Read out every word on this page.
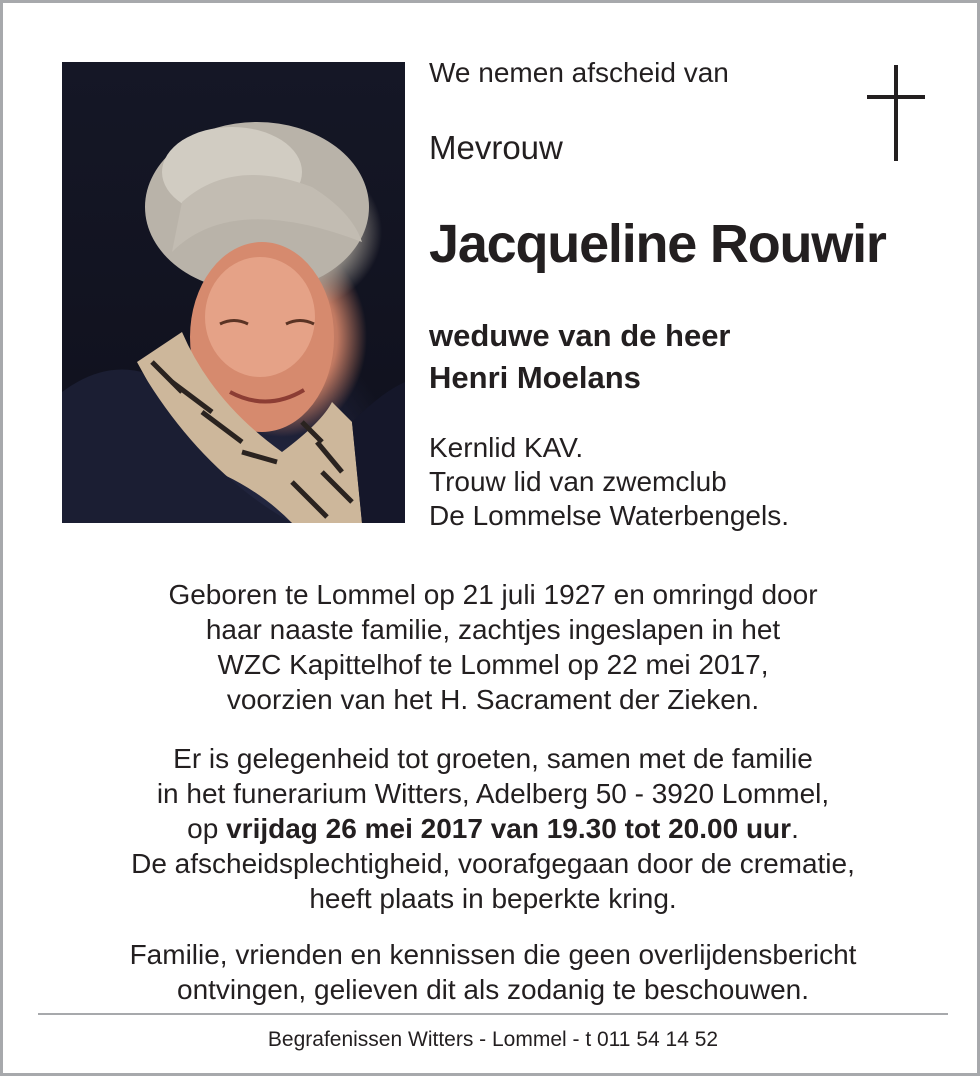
We nemen afscheid van
Mevrouw
Jacqueline Rouwir
weduwe van de heer
Henri Moelans
Kernlid KAV.
Trouw lid van zwemclub
De Lommelse Waterbengels.
Geboren te Lommel op 21 juli 1927 en omringd door
haar naaste familie, zachtjes ingeslapen in het
WZC Kapittelhof te Lommel op 22 mei 2017,
voorzien van het H. Sacrament der Zieken.
Er is gelegenheid tot groeten, samen met de familie
in het funerarium Witters, Adelberg 50 - 3920 Lommel,
op vrijdag 26 mei 2017 van 19.30 tot 20.00 uur.
De afscheidsplechtigheid, voorafgegaan door de crematie,
heeft plaats in beperkte kring.
Familie, vrienden en kennissen die geen overlijdensbericht
ontvingen, gelieven dit als zodanig te beschouwen.
Begrafenissen Witters - Lommel - t 011 54 14 52
